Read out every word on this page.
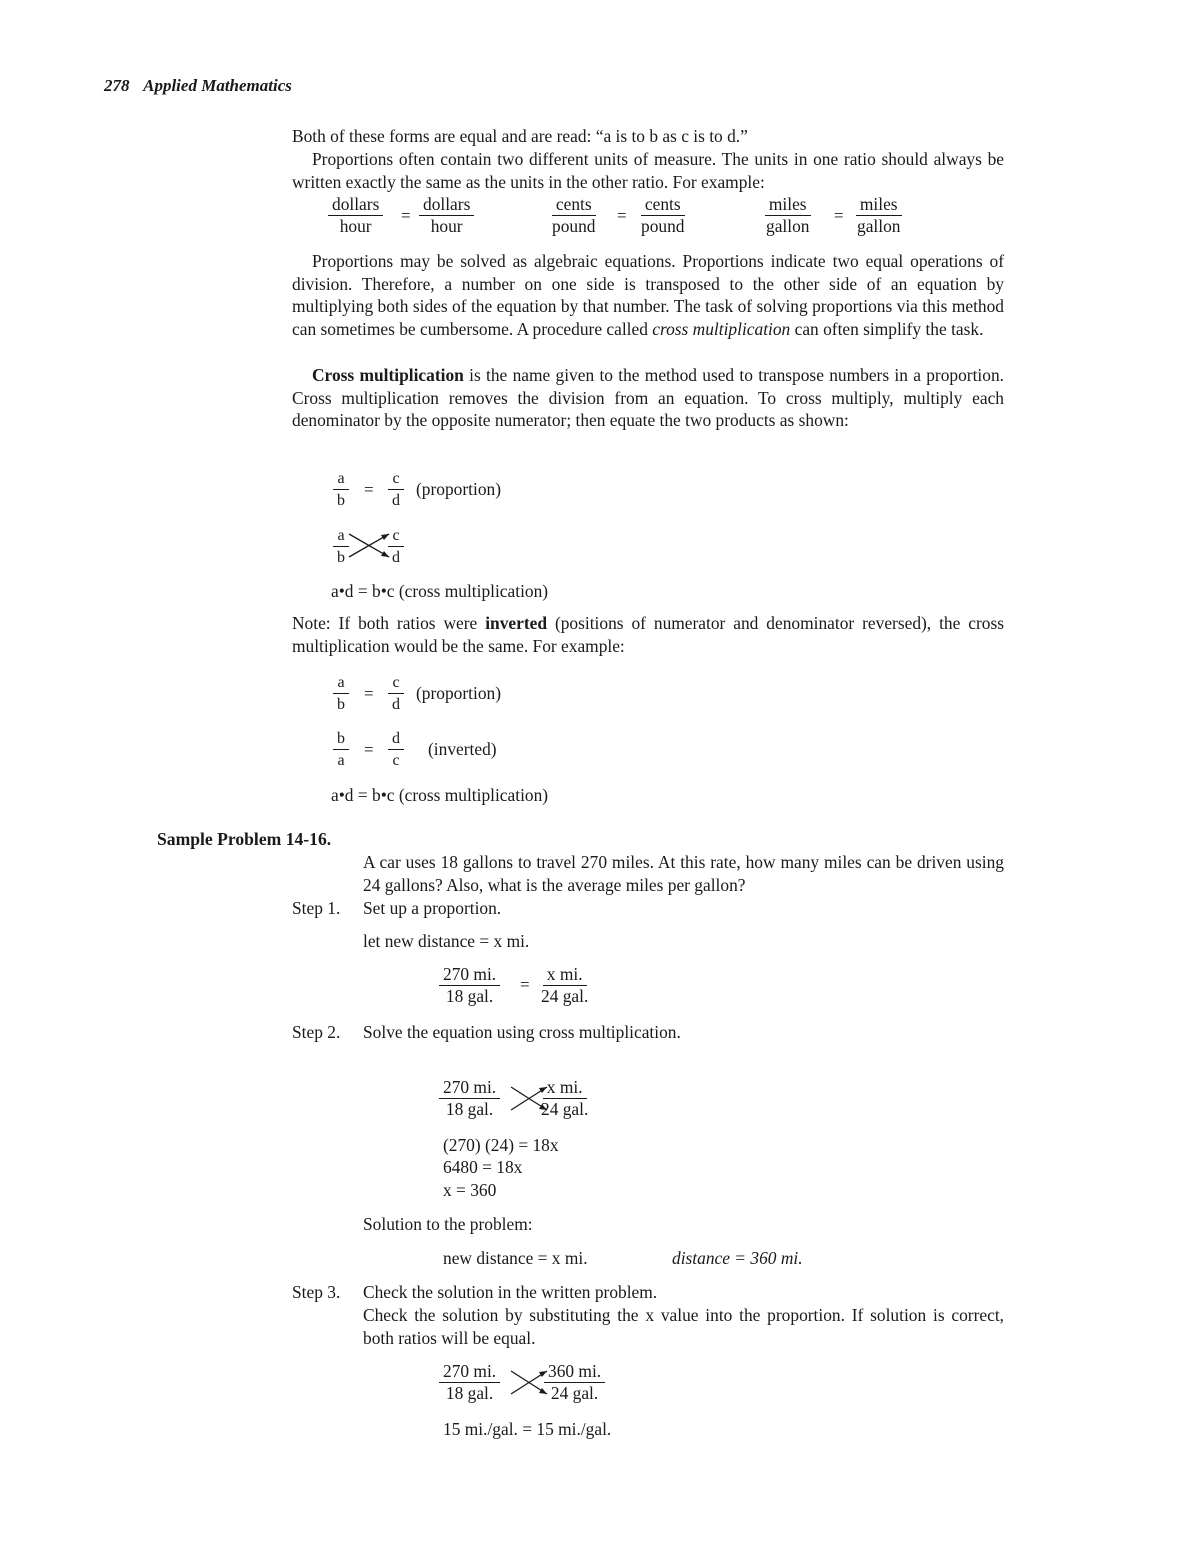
278 Applied Mathematics

Both of these forms are equal and are read: “a is to b as c is to d.”

Proportions often contain two different units of measure. The units in one ratio should always be written exactly the same as the units in the other ratio. For example:

dollars
hour
=
dollars
hour
cents
pound
=
cents
pound
miles
gallon
=
miles
gallon

Proportions may be solved as algebraic equations. Proportions indicate two equal operations of division. Therefore, a number on one side is transposed to the other side of an equation by multiplying both sides of the equation by that number. The task of solving proportions via this method can sometimes be cumbersome. A procedure called cross multiplication can often simplify the task.

Cross multiplication is the name given to the method used to transpose numbers in a proportion. Cross multiplication removes the division from an equation. To cross multiply, multiply each denominator by the opposite numerator; then equate the two products as shown:

$\frac{a}{b} = \frac{c}{d}$ (proportion)
$\frac{a}{b} \frac{c}{d}$
a•d = b•c (cross multiplication)

Note: If both ratios were inverted (positions of numerator and denominator reversed), the cross multiplication would be the same. For example:

$\frac{a}{b} = \frac{c}{d}$ (proportion)
$\frac{b}{a} = \frac{d}{c}$ (inverted)
a•d = b•c (cross multiplication)
Sample Problem 14-16.

A car uses 18 gallons to travel 270 miles. At this rate, how many miles can be driven using 24 gallons? Also, what is the average miles per gallon?

Step 1. Set up a proportion.
let new distance = x mi.
270 mi.
18 gal.
=
x mi.
24 gal.
Step 2. Solve the equation using cross multiplication.
270 mi.
18 gal.
x mi.
24 gal.
(270) (24) = 18x
6480 = 18x
x = 360
Solution to the problem:
new distance = x mi.	distance = 360 mi.
Step 3. Check the solution in the written problem.

Check the solution by substituting the x value into the proportion. If solution is correct, both ratios will be equal.

270 mi.
18 gal.
360 mi.
24 gal.
15 mi./gal. = 15 mi./gal.
